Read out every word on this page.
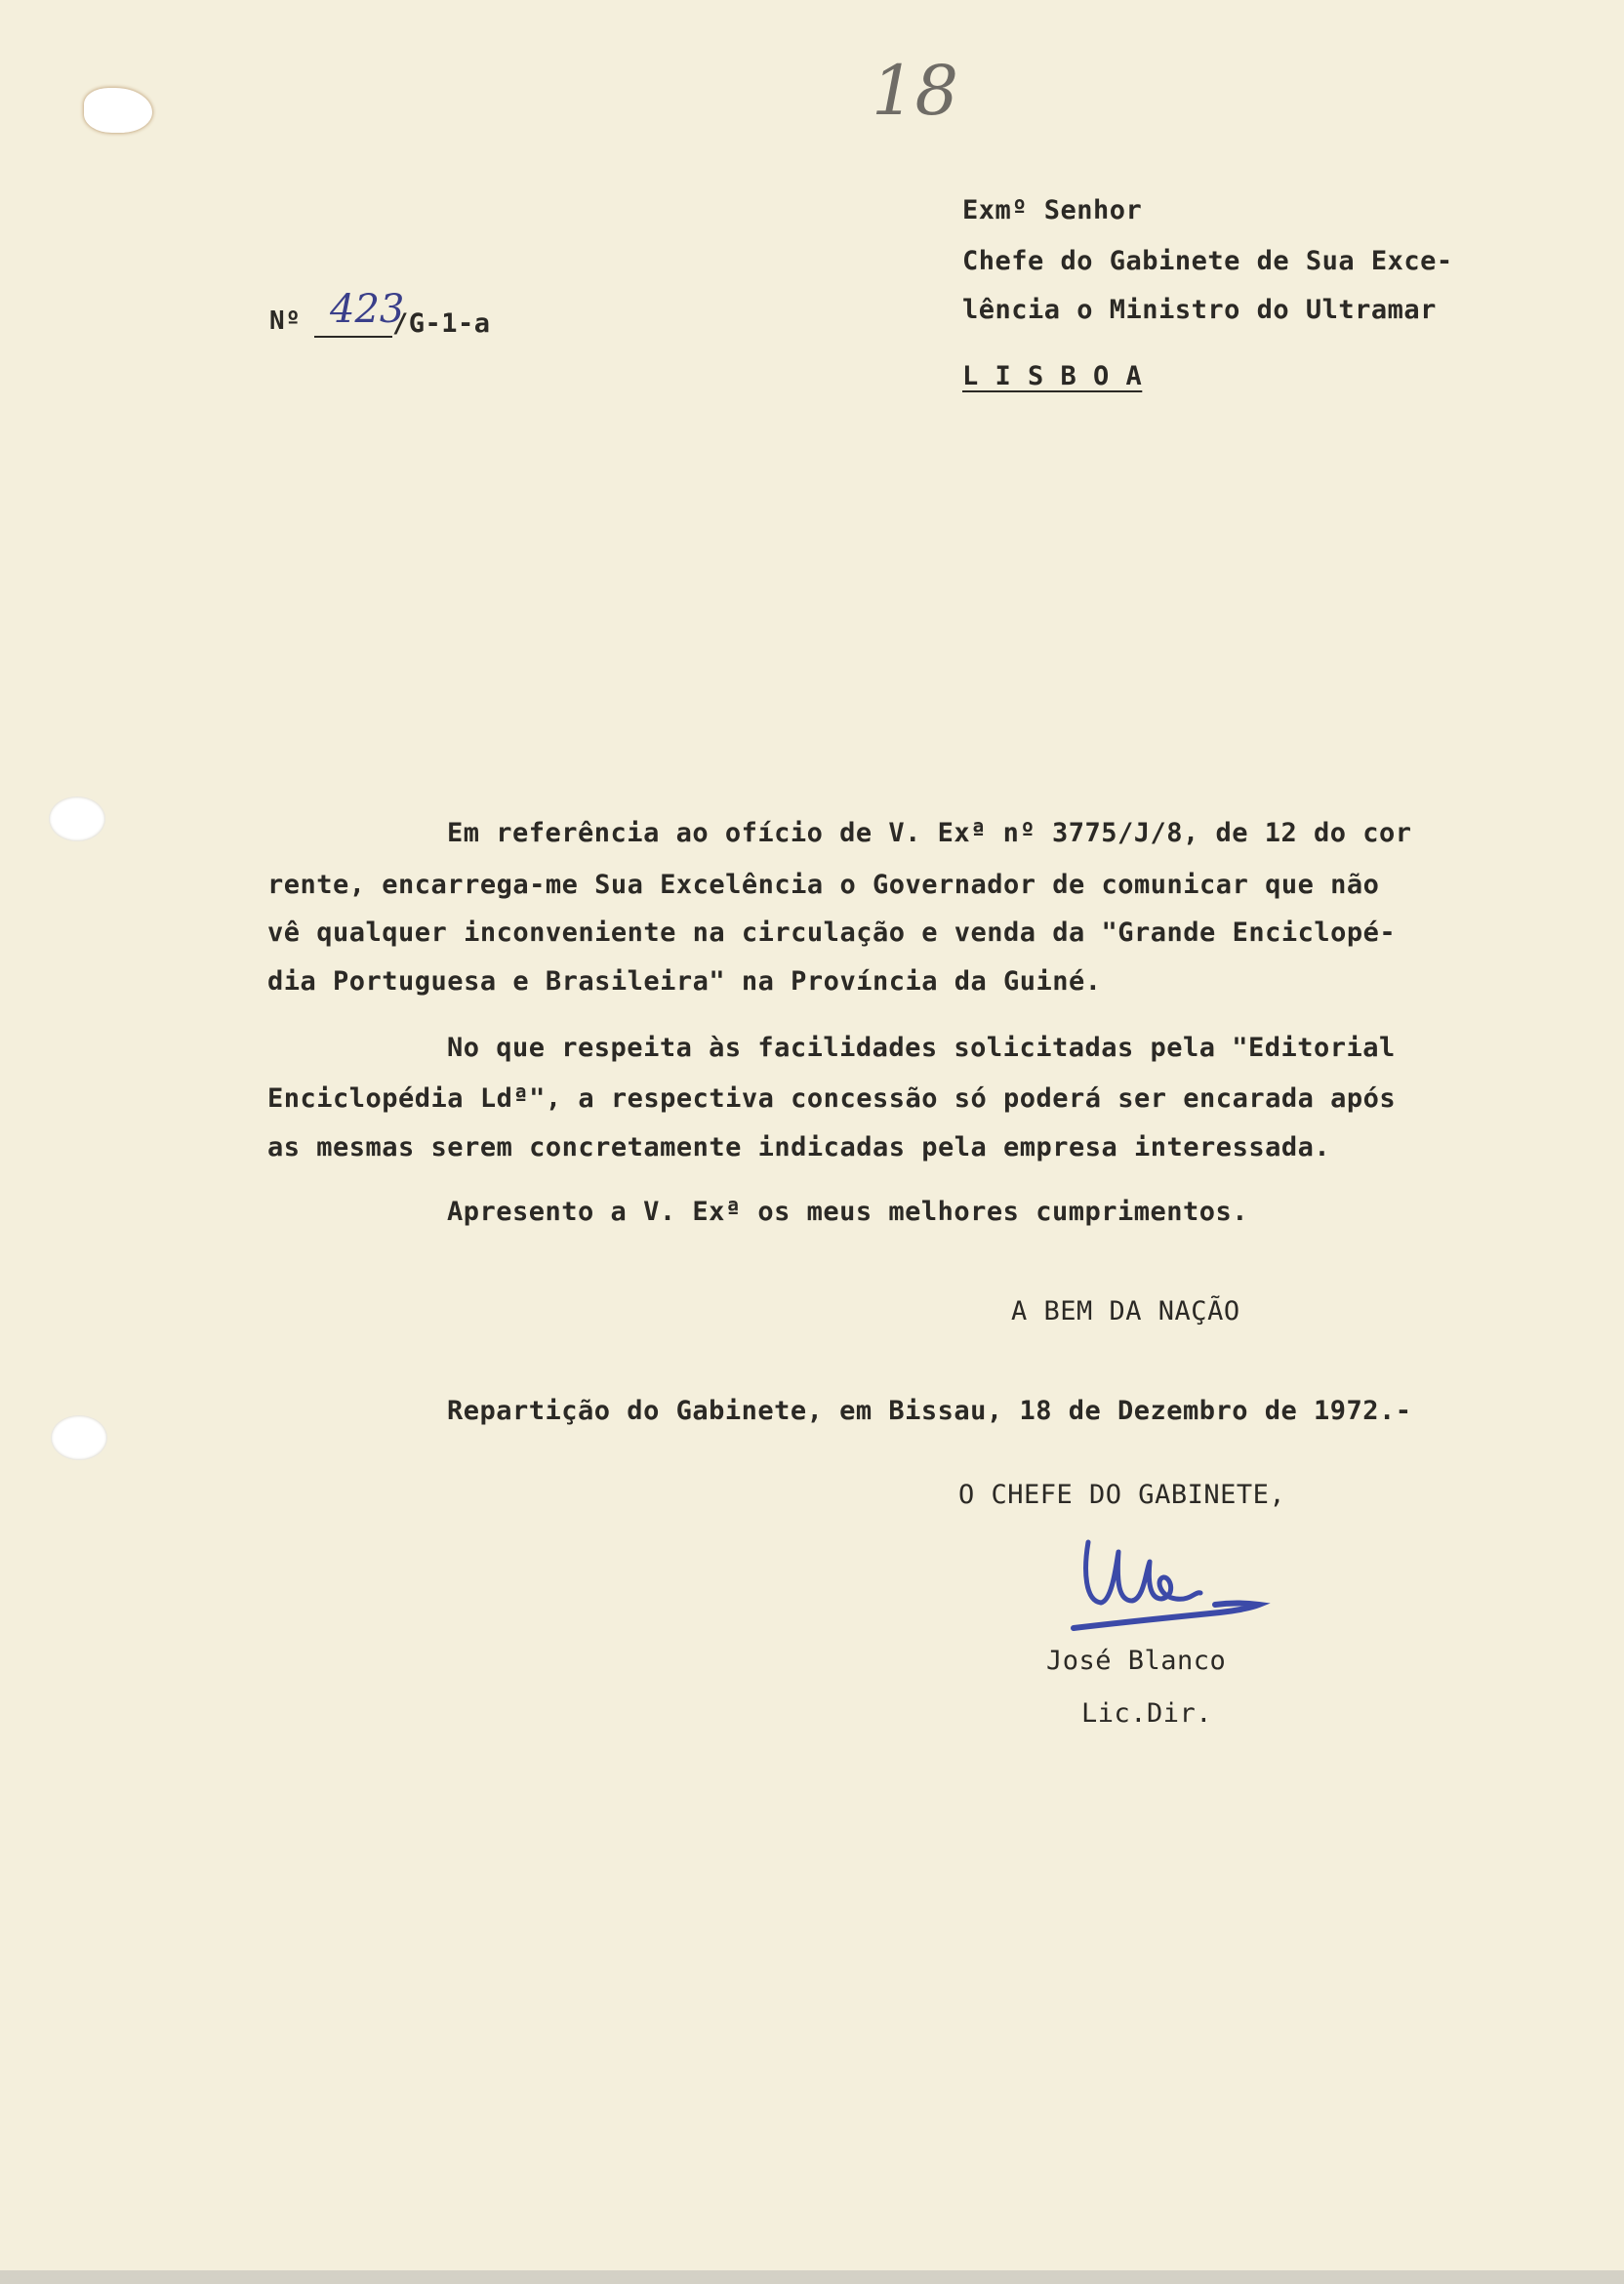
18
Nº 423
/G-1-a
Exmº Senhor
Chefe do Gabinete de Sua Exce-
lência o Ministro do Ultramar
L I S B O A
Em referência ao ofício de V. Exª nº 3775/J/8, de 12 do cor
rente, encarrega-me Sua Excelência o Governador de comunicar que não
vê qualquer inconveniente na circulação e venda da "Grande Enciclopé-
dia Portuguesa e Brasileira" na Província da Guiné.
No que respeita às facilidades solicitadas pela "Editorial
Enciclopédia Ldª", a respectiva concessão só poderá ser encarada após
as mesmas serem concretamente indicadas pela empresa interessada.
Apresento a V. Exª os meus melhores cumprimentos.
A BEM DA NAÇÃO
Repartição do Gabinete, em Bissau, 18 de Dezembro de 1972.-
O CHEFE DO GABINETE,
José Blanco
Lic.Dir.
